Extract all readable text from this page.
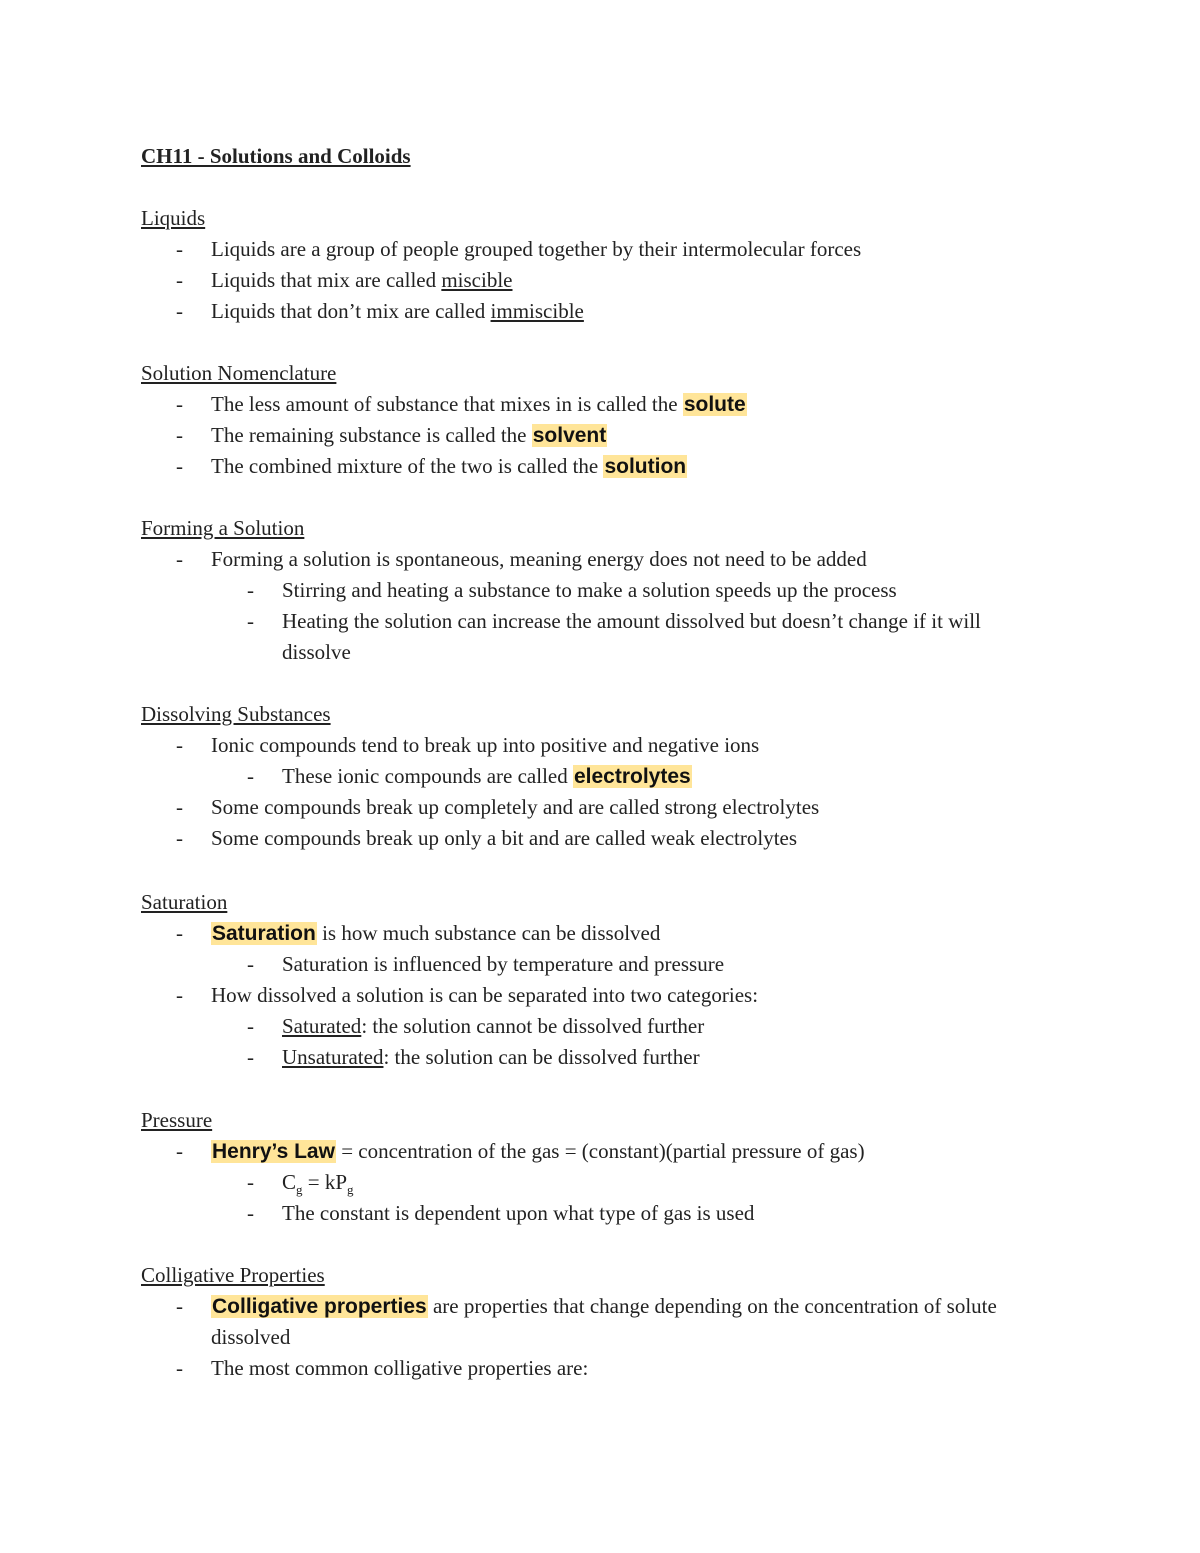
CH11 - Solutions and Colloids
Liquids
- Liquids are a group of people grouped together by their intermolecular forces
- Liquids that mix are called miscible
- Liquids that don’t mix are called immiscible
Solution Nomenclature
- The less amount of substance that mixes in is called the solute
- The remaining substance is called the solvent
- The combined mixture of the two is called the solution
Forming a Solution
- Forming a solution is spontaneous, meaning energy does not need to be added
- Stirring and heating a substance to make a solution speeds up the process
- Heating the solution can increase the amount dissolved but doesn’t change if it will dissolve
Dissolving Substances
- Ionic compounds tend to break up into positive and negative ions
- These ionic compounds are called electrolytes
- Some compounds break up completely and are called strong electrolytes
- Some compounds break up only a bit and are called weak electrolytes
Saturation
- Saturation is how much substance can be dissolved
- Saturation is influenced by temperature and pressure
- How dissolved a solution is can be separated into two categories:
- Saturated: the solution cannot be dissolved further
- Unsaturated: the solution can be dissolved further
Pressure
- Henry’s Law = concentration of the gas = (constant)(partial pressure of gas)
- $C_g = kP_g$
- The constant is dependent upon what type of gas is used
Colligative Properties
- Colligative properties are properties that change depending on the concentration of solute dissolved
- The most common colligative properties are:
